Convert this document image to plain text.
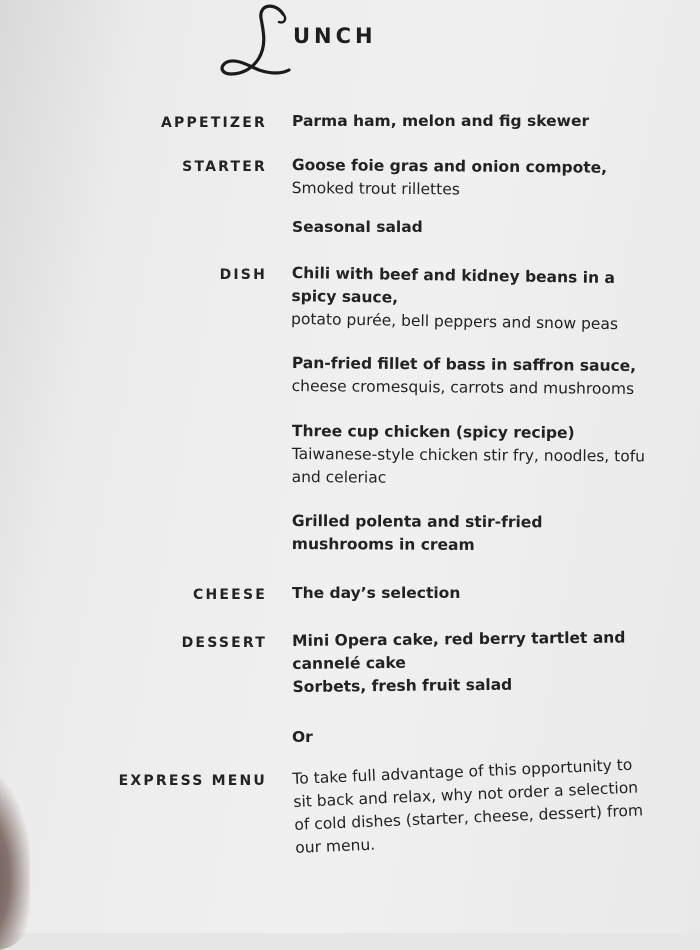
UNCH
APPETIZER Parma ham, melon and fig skewer
STARTER Goose foie gras and onion compote,
Smoked trout rillettes
Seasonal salad
DISH Chili with beef and kidney beans in a spicy sauce,
potato purée, bell peppers and snow peas
Pan-fried fillet of bass in saffron sauce,
cheese cromesquis, carrots and mushrooms
Three cup chicken (spicy recipe)
Taiwanese-style chicken stir fry, noodles, tofu and celeriac
Grilled polenta and stir-fried mushrooms in cream
CHEESE The day’s selection
DESSERT Mini Opera cake, red berry tartlet and cannelé cake
Sorbets, fresh fruit salad
Or
EXPRESS MENU To take full advantage of this opportunity to sit back and relax, why not order a selection of cold dishes (starter, cheese, dessert) from our menu.
